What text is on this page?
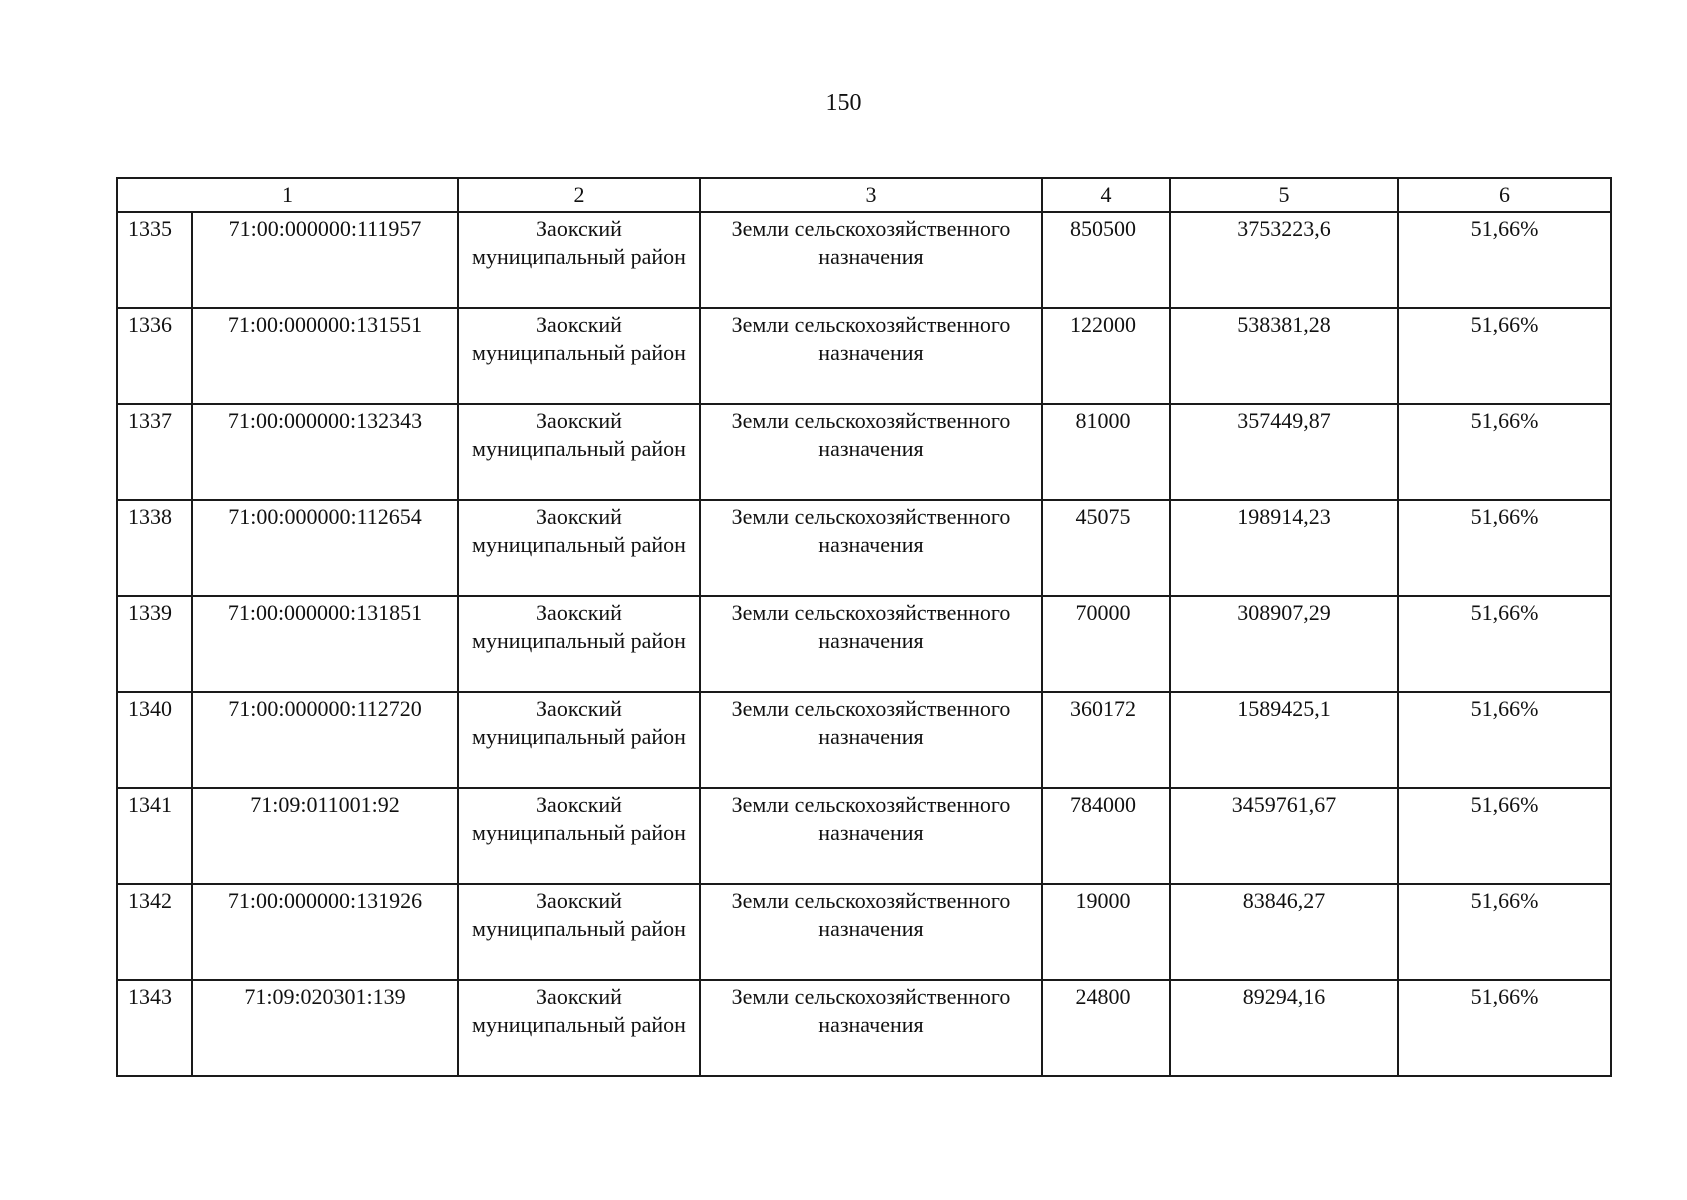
150
1		2	3	4	5	6
1335	71:00:000000:111957	Заокский муниципальный район	Земли сельскохозяйственного назначения	850500	3753223,6	51,66%
1336	71:00:000000:131551	Заокский муниципальный район	Земли сельскохозяйственного назначения	122000	538381,28	51,66%
1337	71:00:000000:132343	Заокский муниципальный район	Земли сельскохозяйственного назначения	81000	357449,87	51,66%
1338	71:00:000000:112654	Заокский муниципальный район	Земли сельскохозяйственного назначения	45075	198914,23	51,66%
1339	71:00:000000:131851	Заокский муниципальный район	Земли сельскохозяйственного назначения	70000	308907,29	51,66%
1340	71:00:000000:112720	Заокский муниципальный район	Земли сельскохозяйственного назначения	360172	1589425,1	51,66%
1341	71:09:011001:92	Заокский муниципальный район	Земли сельскохозяйственного назначения	784000	3459761,67	51,66%
1342	71:00:000000:131926	Заокский муниципальный район	Земли сельскохозяйственного назначения	19000	83846,27	51,66%
1343	71:09:020301:139	Заокский муниципальный район	Земли сельскохозяйственного назначения	24800	89294,16	51,66%
